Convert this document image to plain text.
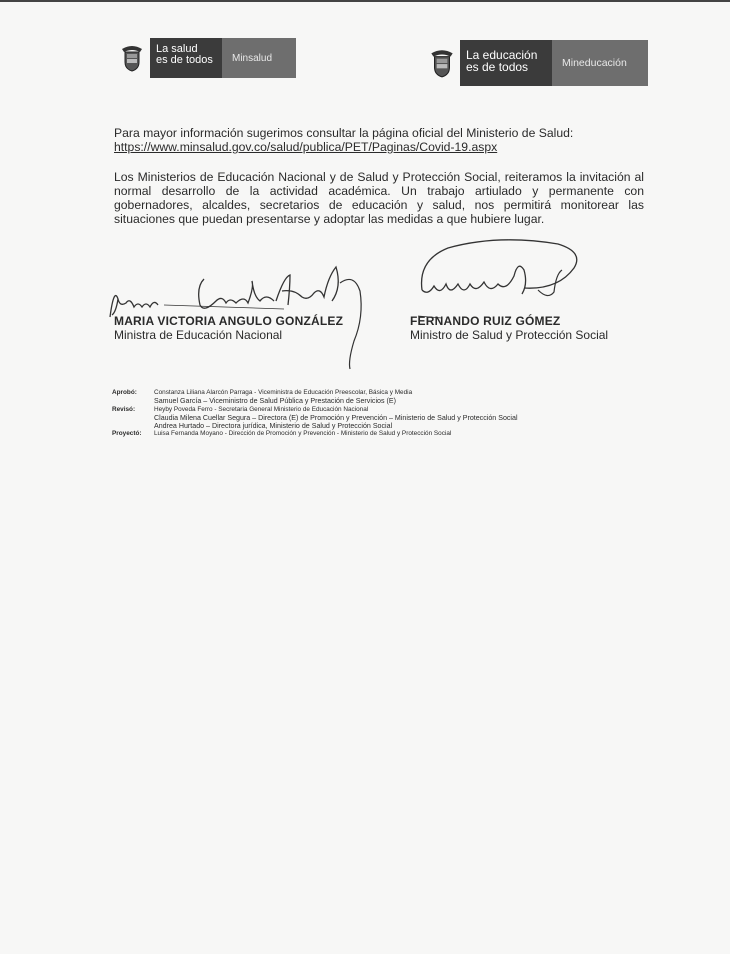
La salud
es de todos	Minsalud	La educación
es de todos	Mineducación
Para mayor información sugerimos consultar la página oficial del Ministerio de Salud:
https://www.minsalud.gov.co/salud/publica/PET/Paginas/Covid-19.aspx
Los Ministerios de Educación Nacional y de Salud y Protección Social, reiteramos la invitación al normal desarrollo de la actividad académica. Un trabajo artiulado y permanente con gobernadores, alcaldes, secretarios de educación y salud, nos permitirá monitorear las situaciones que puedan presentarse y adoptar las medidas a que hubiere lugar.
MARIA VICTORIA ANGULO GONZÁLEZ
Ministra de Educación Nacional
FERNANDO RUIZ GÓMEZ
Ministro de Salud y Protección Social
Aprobó:	Constanza Liliana Alarcón Parraga - Viceministra de Educación Preescolar, Básica y Media
Samuel García – Viceministro de Salud Pública y Prestación de Servicios (E)
Revisó:	Heyby Poveda Ferro - Secretaria General Ministerio de Educación Nacional
Claudia Milena Cuellar Segura – Directora (E) de Promoción y Prevención – Ministerio de Salud y Protección Social
Andrea Hurtado – Directora jurídica, Ministerio de Salud y Protección Social
Proyectó:	Luisa Fernanda Moyano - Dirección de Promoción y Prevención - Ministerio de Salud y Protección Social
